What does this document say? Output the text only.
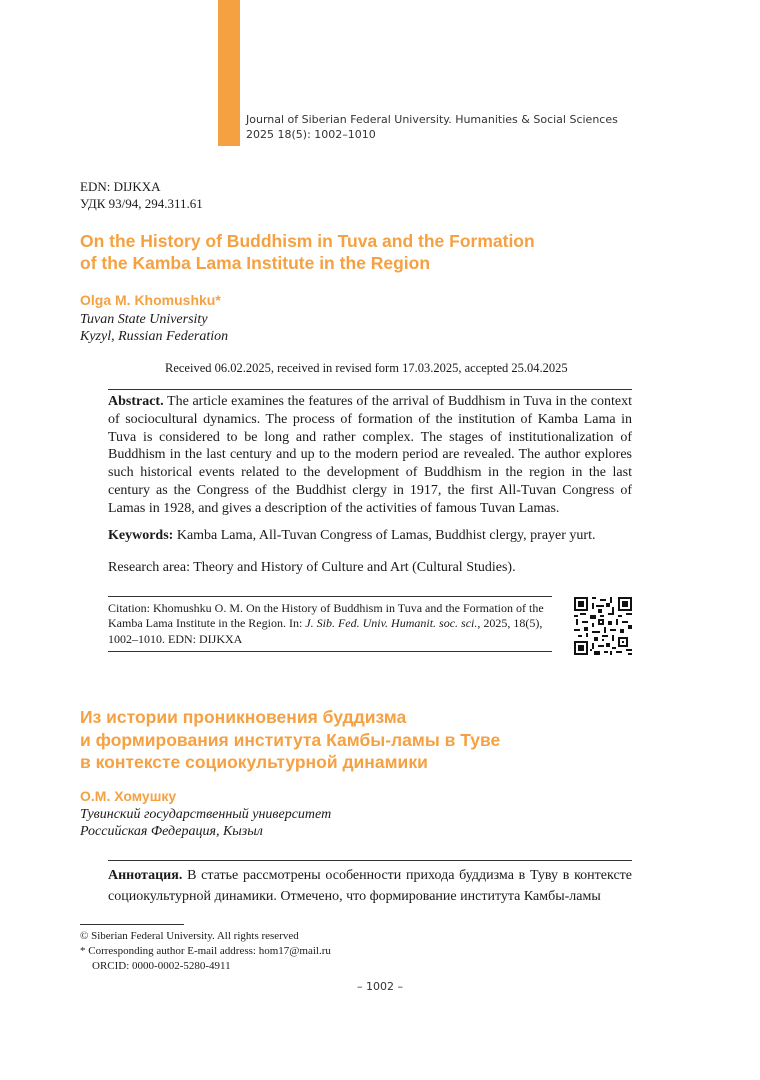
Journal of Siberian Federal University. Humanities & Social Sciences
2025 18(5): 1002–1010
EDN: DIJKXA
УДК 93/94, 294.311.61
On the History of Buddhism in Tuva and the Formation
of the Kamba Lama Institute in the Region
Olga M. Khomushku*
Tuvan State University
Kyzyl, Russian Federation
Received 06.02.2025, received in revised form 17.03.2025, accepted 25.04.2025
Abstract. The article examines the features of the arrival of Buddhism in Tuva in the context of sociocultural dynamics. The process of formation of the institution of Kamba Lama in Tuva is considered to be long and rather complex. The stages of institutionalization of Buddhism in the last century and up to the modern period are revealed. The author explores such historical events related to the development of Buddhism in the region in the last century as the Congress of the Buddhist clergy in 1917, the first All-Tuvan Congress of Lamas in 1928, and gives a description of the activities of famous Tuvan Lamas.
Keywords: Kamba Lama, All-Tuvan Congress of Lamas, Buddhist clergy, prayer yurt.
Research area: Theory and History of Culture and Art (Cultural Studies).
Citation: Khomushku O. M. On the History of Buddhism in Tuva and the Formation of the Kamba Lama Institute in the Region. In: J. Sib. Fed. Univ. Humanit. soc. sci., 2025, 18(5), 1002–1010. EDN: DIJKXA
Из истории проникновения буддизма
и формирования института Камбы-ламы в Туве
в контексте социокультурной динамики
О.М. Хомушку
Тувинский государственный университет
Российская Федерация, Кызыл
Аннотация. В статье рассмотрены особенности прихода буддизма в Туву в контексте социокультурной динамики. Отмечено, что формирование института Камбы-ламы
© Siberian Federal University. All rights reserved
* Corresponding author E-mail address: hom17@mail.ru
ORCID: 0000-0002-5280-4911
– 1002 –
